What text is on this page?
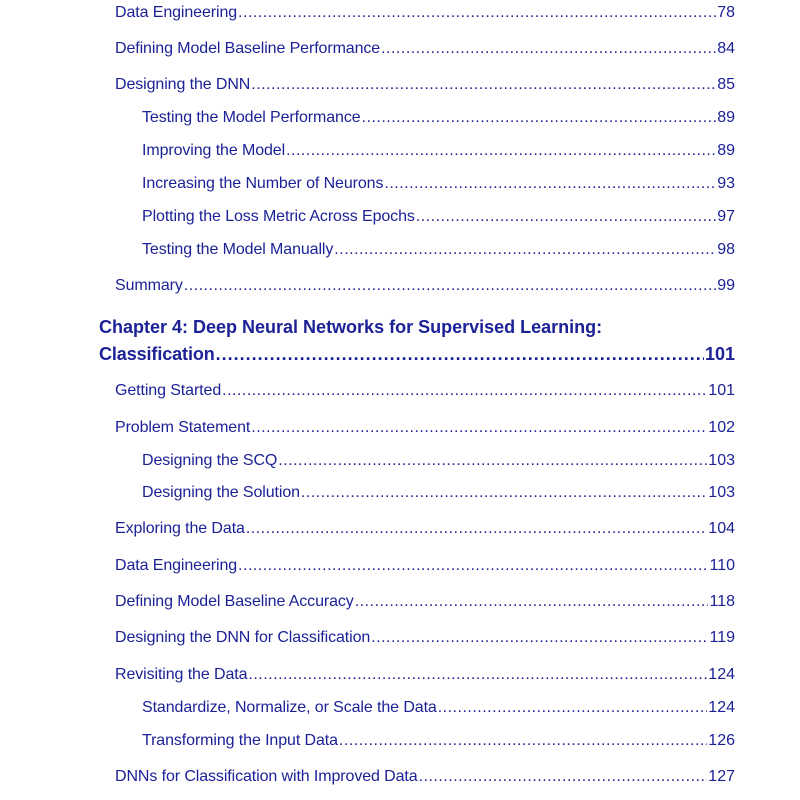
Data Engineering .....	78
Defining Model Baseline Performance .....	84
Designing the DNN .....	85
Testing the Model Performance .....	89
Improving the Model .....	89
Increasing the Number of Neurons .....	93
Plotting the Loss Metric Across Epochs .....	97
Testing the Model Manually .....	98
Summary .....	99
Chapter 4: Deep Neural Networks for Supervised Learning:
Classification .....	101
Getting Started .....	101
Problem Statement .....	102
Designing the SCQ .....	103
Designing the Solution .....	103
Exploring the Data .....	104
Data Engineering .....	110
Defining Model Baseline Accuracy .....	118
Designing the DNN for Classification .....	119
Revisiting the Data .....	124
Standardize, Normalize, or Scale the Data .....	124
Transforming the Input Data .....	126
DNNs for Classification with Improved Data .....	127
